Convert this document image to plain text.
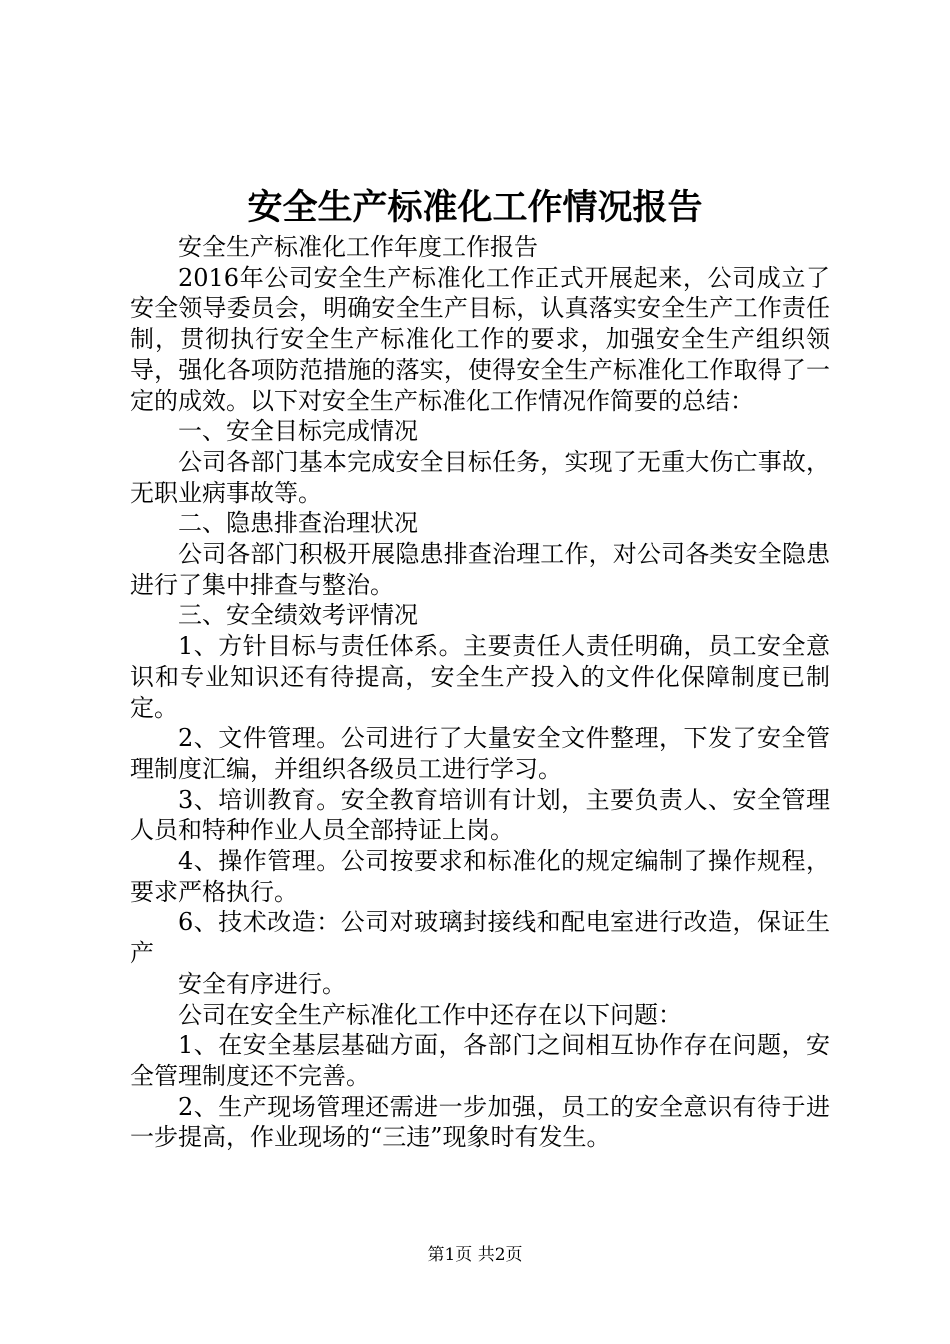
安全生产标准化工作情况报告

安全生产标准化工作年度工作报告

2016年公司安全生产标准化工作正式开展起来，公司成立了安全领导委员会，明确安全生产目标，认真落实安全生产工作责任制，贯彻执行安全生产标准化工作的要求，加强安全生产组织领导，强化各项防范措施的落实，使得安全生产标准化工作取得了一定的成效。以下对安全生产标准化工作情况作简要的总结：

一、安全目标完成情况

公司各部门基本完成安全目标任务，实现了无重大伤亡事故，无职业病事故等。

二、隐患排查治理状况

公司各部门积极开展隐患排查治理工作，对公司各类安全隐患进行了集中排查与整治。

三、安全绩效考评情况

1、方针目标与责任体系。主要责任人责任明确，员工安全意识和专业知识还有待提高，安全生产投入的文件化保障制度已制定。

2、文件管理。公司进行了大量安全文件整理，下发了安全管理制度汇编，并组织各级员工进行学习。

3、培训教育。安全教育培训有计划，主要负责人、安全管理人员和特种作业人员全部持证上岗。

4、操作管理。公司按要求和标准化的规定编制了操作规程，要求严格执行。

6、技术改造：公司对玻璃封接线和配电室进行改造，保证生产

安全有序进行。

公司在安全生产标准化工作中还存在以下问题：

1、在安全基层基础方面，各部门之间相互协作存在问题，安全管理制度还不完善。

2、生产现场管理还需进一步加强，员工的安全意识有待于进一步提高，作业现场的“三违”现象时有发生。

第1页 共2页
